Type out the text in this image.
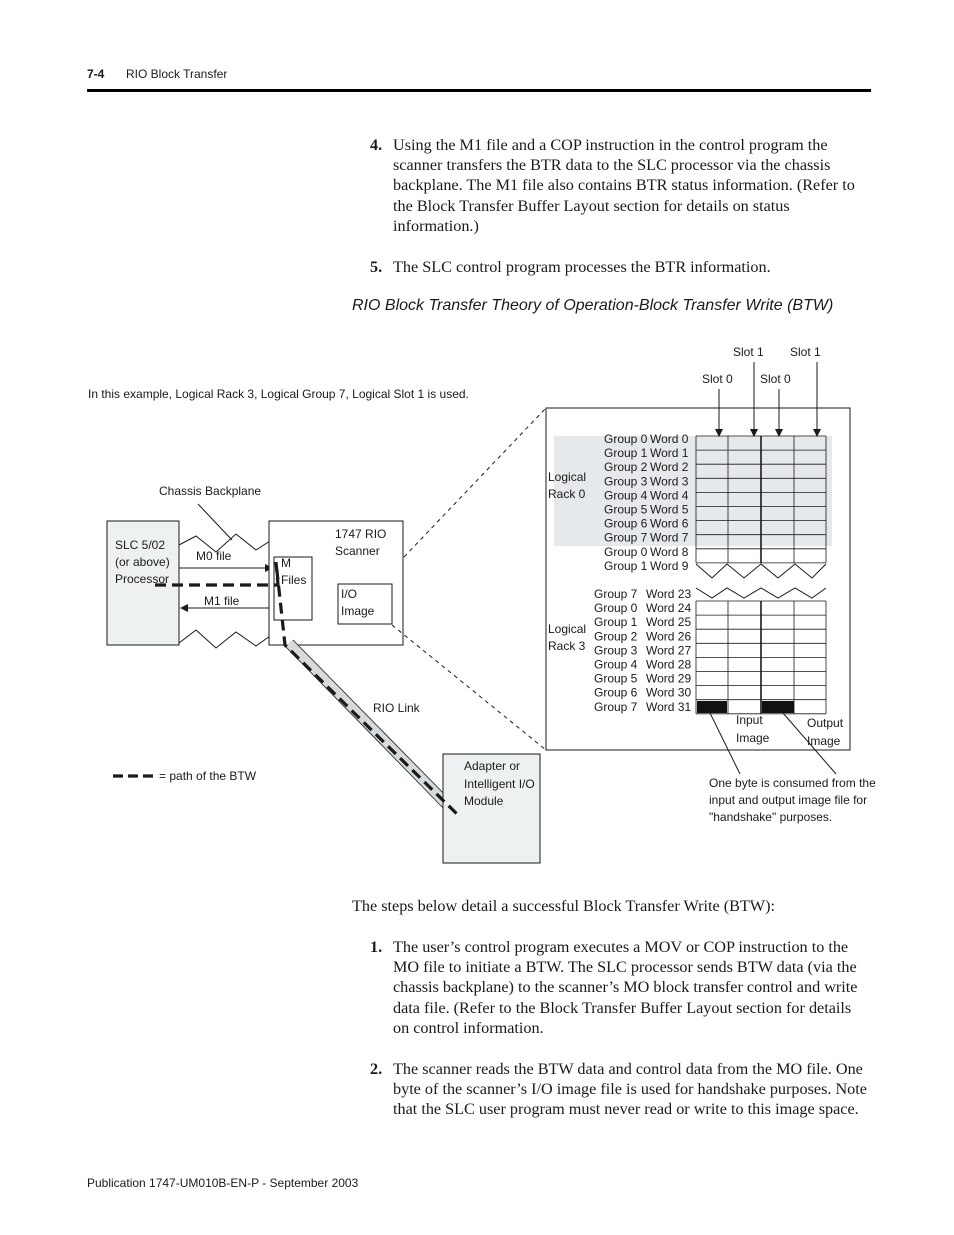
7-4 RIO Block Transfer
4. Using the M1 file and a COP instruction in the control program the scanner transfers the BTR data to the SLC processor via the chassis backplane. The M1 file also contains BTR status information. (Refer to the Block Transfer Buffer Layout section for details on status information.)
5. The SLC control program processes the BTR information.
RIO Block Transfer Theory of Operation-Block Transfer Write (BTW)
In this example, Logical Rack 3, Logical Group 7, Logical Slot 1 is used.
Chassis Backplane
SLC 5/02
(or above)
Processor
M0 file
M1 file
1747 RIO
Scanner
M
Files
I/O
Image
RIO Link
Adapter or
Intelligent I/O
Module
= path of the BTW
Slot 1 Slot 1
Slot 0 Slot 0
Logical
Rack 0
Logical
Rack 3
Group 0 Word 0
Group 1 Word 1
Group 2 Word 2
Group 3 Word 3
Group 4 Word 4
Group 5 Word 5
Group 6 Word 6
Group 7 Word 7
Group 0 Word 8
Group 1 Word 9
Group 7 Word 23
Group 0 Word 24
Group 1 Word 25
Group 2 Word 26
Group 3 Word 27
Group 4 Word 28
Group 5 Word 29
Group 6 Word 30
Group 7 Word 31
Input
Image
Output
Image
One byte is consumed from the
input and output image file for
"handshake" purposes.
The steps below detail a successful Block Transfer Write (BTW):
1. The user’s control program executes a MOV or COP instruction to the MO file to initiate a BTW. The SLC processor sends BTW data (via the chassis backplane) to the scanner’s MO block transfer control and write data file. (Refer to the Block Transfer Buffer Layout section for details on control information.
2. The scanner reads the BTW data and control data from the MO file. One byte of the scanner’s I/O image file is used for handshake purposes. Note that the SLC user program must never read or write to this image space.
Publication 1747-UM010B-EN-P - September 2003
